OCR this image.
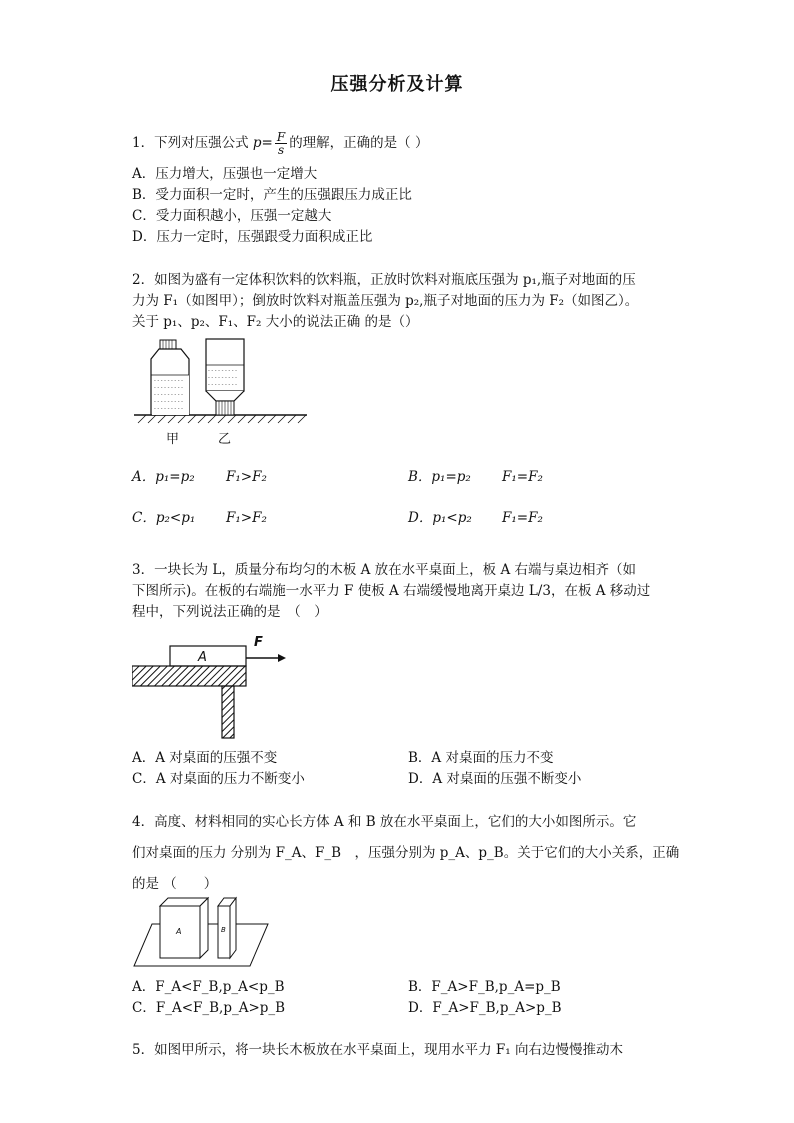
压强分析及计算
1．下列对压强公式 $p= \frac{F}{s}$ 的理解，正确的是（ ）
A．压力增大，压强也一定增大
B．受力面积一定时，产生的压强跟压力成正比
C．受力面积越小，压强一定越大
D．压力一定时，压强跟受力面积成正比
2．如图为盛有一定体积饮料的饮料瓶，正放时饮料对瓶底压强为 p₁,瓶子对地面的压
力为 F₁（如图甲）；倒放时饮料对瓶盖压强为 p₂,瓶子对地面的压力为 F₂（如图乙）。
关于 p₁、p₂、F₁、F₂ 大小的说法正确 的是（）
- - - - - - - - -
- - - - - - - - -
- - - - - - - - -
- - - - - - - - -
- - - - - - - - -
- - - - - - - - -
- - - - - - - - -
- - - - - - - - -
甲	乙
A．p₁=p₂ F₁>F₂	B．p₁=p₂ F₁=F₂
C．p₂<p₁ F₁>F₂	D．p₁<p₂ F₁=F₂
3．一块长为 L，质量分布均匀的木板 A 放在水平桌面上，板 A 右端与桌边相齐（如
下图所示)。在板的右端施一水平力 F 使板 A 右端缓慢地离开桌边 L/3，在板 A 移动过
程中，下列说法正确的是　（　）
A
F
A．A 对桌面的压强不变	B．A 对桌面的压力不变
C．A 对桌面的压力不断变小	D．A 对桌面的压强不断变小
4．高度、材料相同的实心长方体 A 和 B 放在水平桌面上，它们的大小如图所示。它
们对桌面的压力 分别为 F_A、F_B　，压强分别为 p_A、p_B。关于它们的大小关系，正确
的是 （　　）
A	B
A．F_A<F_B,p_A<p_B	B．F_A>F_B,p_A=p_B
C．F_A<F_B,p_A>p_B	D．F_A>F_B,p_A>p_B
5．如图甲所示，将一块长木板放在水平桌面上，现用水平力 F₁ 向右边慢慢推动木
